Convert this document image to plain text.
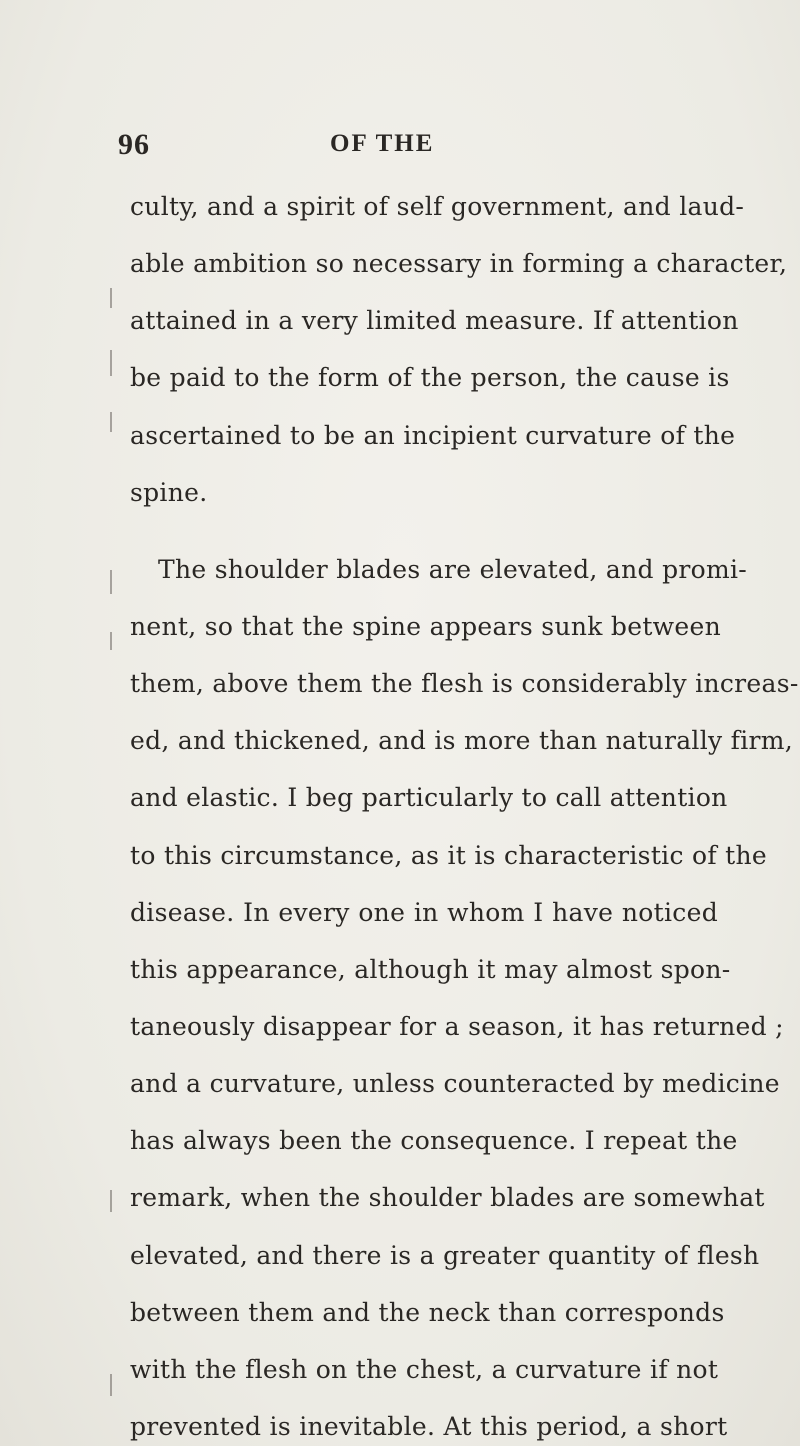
96	OF THE
culty, and a spirit of self government, and laud-
able ambition so necessary in forming a character,
attained in a very limited measure. If attention
be paid to the form of the person, the cause is
ascertained to be an incipient curvature of the
spine.
The shoulder blades are elevated, and promi-
nent, so that the spine appears sunk between
them, above them the flesh is considerably increas-
ed, and thickened, and is more than naturally firm,
and elastic. I beg particularly to call attention
to this circumstance, as it is characteristic of the
disease. In every one in whom I have noticed
this appearance, although it may almost spon-
taneously disappear for a season, it has returned ;
and a curvature, unless counteracted by medicine
has always been the consequence. I repeat the
remark, when the shoulder blades are somewhat
elevated, and there is a greater quantity of flesh
between them and the neck than corresponds
with the flesh on the chest, a curvature if not
prevented is inevitable. At this period, a short
